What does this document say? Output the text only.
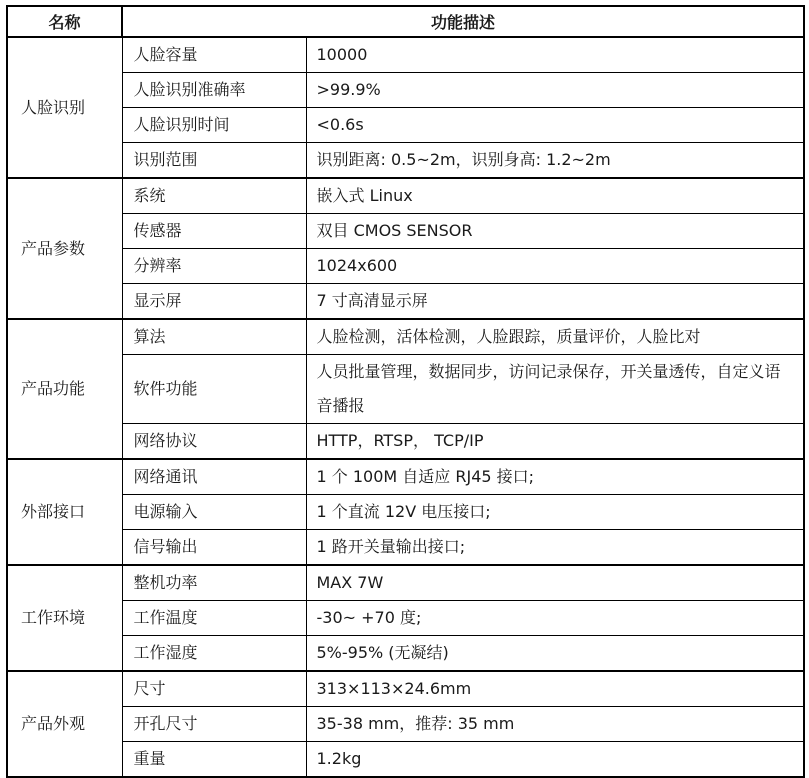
名称	功能描述	
人脸识别	人脸容量	10000
	人脸识别准确率	>99.9%
	人脸识别时间	<0.6s
	识别范围	识别距离: 0.5~2m，识别身高: 1.2~2m
产品参数	系统	嵌入式 Linux
	传感器	双目 CMOS SENSOR
	分辨率	1024x600
	显示屏	7 寸高清显示屏
产品功能	算法	人脸检测，活体检测，人脸跟踪，质量评价，人脸比对
	软件功能	人员批量管理，数据同步，访问记录保存，开关量透传，自定义语音播报
	网络协议	HTTP，RTSP， TCP/IP
外部接口	网络通讯	1 个 100M 自适应 RJ45 接口;
	电源输入	1 个直流 12V 电压接口;
	信号输出	1 路开关量输出接口;
工作环境	整机功率	MAX 7W
	工作温度	-30~ +70 度;
	工作湿度	5%-95% (无凝结)
产品外观	尺寸	313×113×24.6mm
	开孔尺寸	35-38 mm，推荐: 35 mm
	重量	1.2kg
